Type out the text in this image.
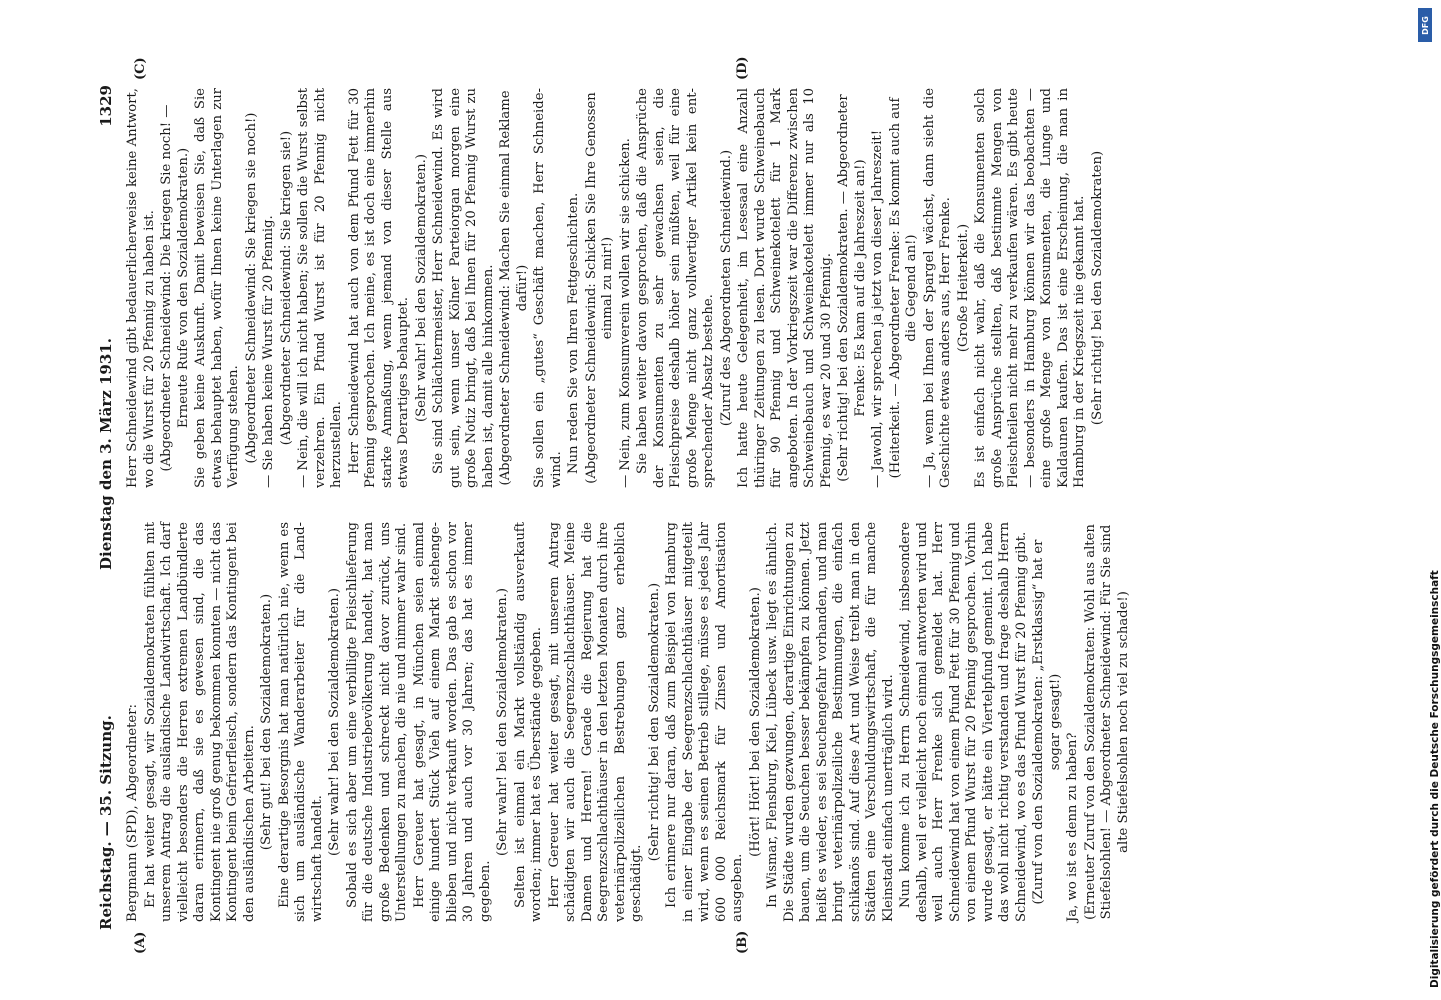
DFG
Digitalisierung gefördert durch die Deutsche Forschungsgemeinschaft
Reichstag. — 35. Sitzung.
Dienstag den 3. März 1931.
1329
(A)	(B)
(C)	(D)

Bergmann (SPD), Abgeordneter: Er hat weiter gesagt, wir Sozialdemokraten fühlten mit unserem Antrag die ausländische Landwirtschaft. Ich darf vielleicht besonders die Herren extremen Landbündlerte daran erinnern, daß sie es gewesen sind, die das Kontingent nie groß genug bekommen konnten — nicht das Kontingent beim Gefrierfleisch, sondern das Kontingent bei den ausländischen Arbeitern. (Sehr gut! bei den Sozialdemokraten.) Eine derartige Besorgnis hat man natürlich nie, wenn es sich um ausländische Wanderarbeiter für die Landwirtschaft handelt.

(Sehr wahr! bei den Sozialdemokraten.) Sobald es sich aber um eine verbilligte Fleischlieferung für die deutsche Industriebevölkerung handelt, hat man große Bedenken und schreckt nicht davor zurück, uns Unterstellungen zu machen, die nie und nimmer wahr sind. Herr Gereuer hat gesagt, in München seien einmal einige hundert Stück Vieh auf einem Markt stehengeblieben und nicht verkauft worden. Das gab es schon vor 30 Jahren und auch vor 30 Jahren; das hat es immer gegeben.

(Sehr wahr! bei den Sozialdemokraten.) Selten ist einmal ein Markt vollständig ausverkauft worden; immer hat es Überstände gegeben. Herr Gereuer hat weiter gesagt, mit unserem Antrag schädigten wir auch die Seegrenzschlachthäuser. Meine Damen und Herren! Gerade die Regierung hat die Seegrenzschlachthäuser in den letzten Monaten durch ihre veterinärpolizeilichen Bestrebungen ganz erheblich geschädigt.

(Sehr richtig! bei den Sozialdemokraten.) Ich erinnere nur daran, daß zum Beispiel von Hamburg in einer Eingabe der Seegrenzschlachthäuser mitgeteilt wird, wenn es seinen Betrieb stillege, müsse es jedes Jahr 600 000 Reichsmark für Zinsen und Amortisation ausgeben.

(Hört! Hört! bei den Sozialdemokraten.) In Wismar, Flensburg, Kiel, Lübeck usw. liegt es ähnlich. Die Städte wurden gezwungen, derartige Einrichtungen zu bauen, um die Seuchen besser bekämpfen zu können. Jetzt heißt es wieder, es sei Seuchengefahr vorhanden, und man bringt veterinärpolizeiliche Bestimmungen, die einfach schikanös sind. Auf diese Art und Weise treibt man in den Städten eine Verschuldungswirtschaft, die für manche Kleinstadt einfach unerträglich wird. Nun komme ich zu Herrn Schneidewind, insbesondere deshalb, weil er vielleicht noch einmal antworten wird und weil auch Herr Frenke sich gemeldet hat. Herr Schneidewind hat von einem Pfund Fett für 30 Pfennig und von einem Pfund Wurst für 20 Pfennig gesprochen. Vorhin wurde gesagt, er hätte ein Viertelpfund gemeint. Ich habe das wohl nicht richtig verstanden und frage deshalb Herrn Schneidewind, wo es das Pfund Wurst für 20 Pfennig gibt. (Zuruf von den Sozialdemokraten: „Erstklassig“ hat er sogar gesagt!)

Ja, wo ist es denn zu haben? (Erneuter Zuruf von den Sozialdemokraten: Wohl aus alten Stiefelsohlen! — Abgeordneter Schneidewind: Für Sie sind alte Stiefelsohlen noch viel zu schade!)

Herr Schneidewind gibt bedauerlicherweise keine Antwort, wo die Wurst für 20 Pfennig zu haben ist. (Abgeordneter Schneidewind: Die kriegen Sie noch! — Erneute Rufe von den Sozialdemokraten.) Sie geben keine Auskunft. Damit beweisen Sie, daß Sie etwas behauptet haben, wofür Ihnen keine Unterlagen zur Verfügung stehen. (Abgeordneter Schneidewind: Sie kriegen sie noch!) — Sie haben keine Wurst für 20 Pfennig. (Abgeordneter Schneidewind: Sie kriegen sie!) — Nein, die will ich nicht haben; Sie sollen die Wurst selbst verzehren. Ein Pfund Wurst ist für 20 Pfennig nicht herzustellen. Herr Schneidewind hat auch von dem Pfund Fett für 30 Pfennig gesprochen. Ich meine, es ist doch eine immerhin starke Anmaßung, wenn jemand von dieser Stelle aus etwas Derartiges behauptet. (Sehr wahr! bei den Sozialdemokraten.) Sie sind Schlächtermeister, Herr Schneidewind. Es wird gut sein, wenn unser Kölner Parteiorgan morgen eine große Notiz bringt, daß bei Ihnen für 20 Pfennig Wurst zu haben ist, damit alle hinkommen. (Abgeordneter Schneidewind: Machen Sie einmal Reklame dafür!) Sie sollen ein „gutes“ Geschäft machen, Herr Schneidewind. Nun reden Sie von Ihren Fettgeschichten. (Abgeordneter Schneidewind: Schicken Sie Ihre Genossen einmal zu mir!) — Nein, zum Konsumverein wollen wir sie schicken. Sie haben weiter davon gesprochen, daß die Ansprüche der Konsumenten zu sehr gewachsen seien, die Fleischpreise deshalb höher sein müßten, weil für eine große Menge nicht ganz vollwertiger Artikel kein entsprechender Absatz bestehe. (Zuruf des Abgeordneten Schneidewind.) Ich hatte heute Gelegenheit, im Lesesaal eine Anzahl thüringer Zeitungen zu lesen. Dort wurde Schweinebauch für 90 Pfennig und Schweinekotelett für 1 Mark angeboten. In der Vorkriegszeit war die Differenz zwischen Schweinebauch und Schweinekotelett immer nur als 10 Pfennig, es war 20 und 30 Pfennig. (Sehr richtig! bei den Sozialdemokraten. — Abgeordneter Frenke: Es kam auf die Jahreszeit an!) — Jawohl, wir sprechen ja jetzt von dieser Jahreszeit! (Heiterkeit. — Abgeordneter Frenke: Es kommt auch auf die Gegend an!) — Ja, wenn bei Ihnen der Spargel wächst, dann sieht die Geschichte etwas anders aus, Herr Frenke. (Große Heiterkeit.) Es ist einfach nicht wahr, daß die Konsumenten solch große Ansprüche stellten, daß bestimmte Mengen von Fleischteilen nicht mehr zu verkaufen wären. Es gibt heute — besonders in Hamburg können wir das beobachten — eine große Menge von Konsumenten, die Lunge und Kaldaunen kaufen. Das ist eine Erscheinung, die man in Hamburg in der Kriegszeit nie gekannt hat. (Sehr richtig! bei den Sozialdemokraten)
